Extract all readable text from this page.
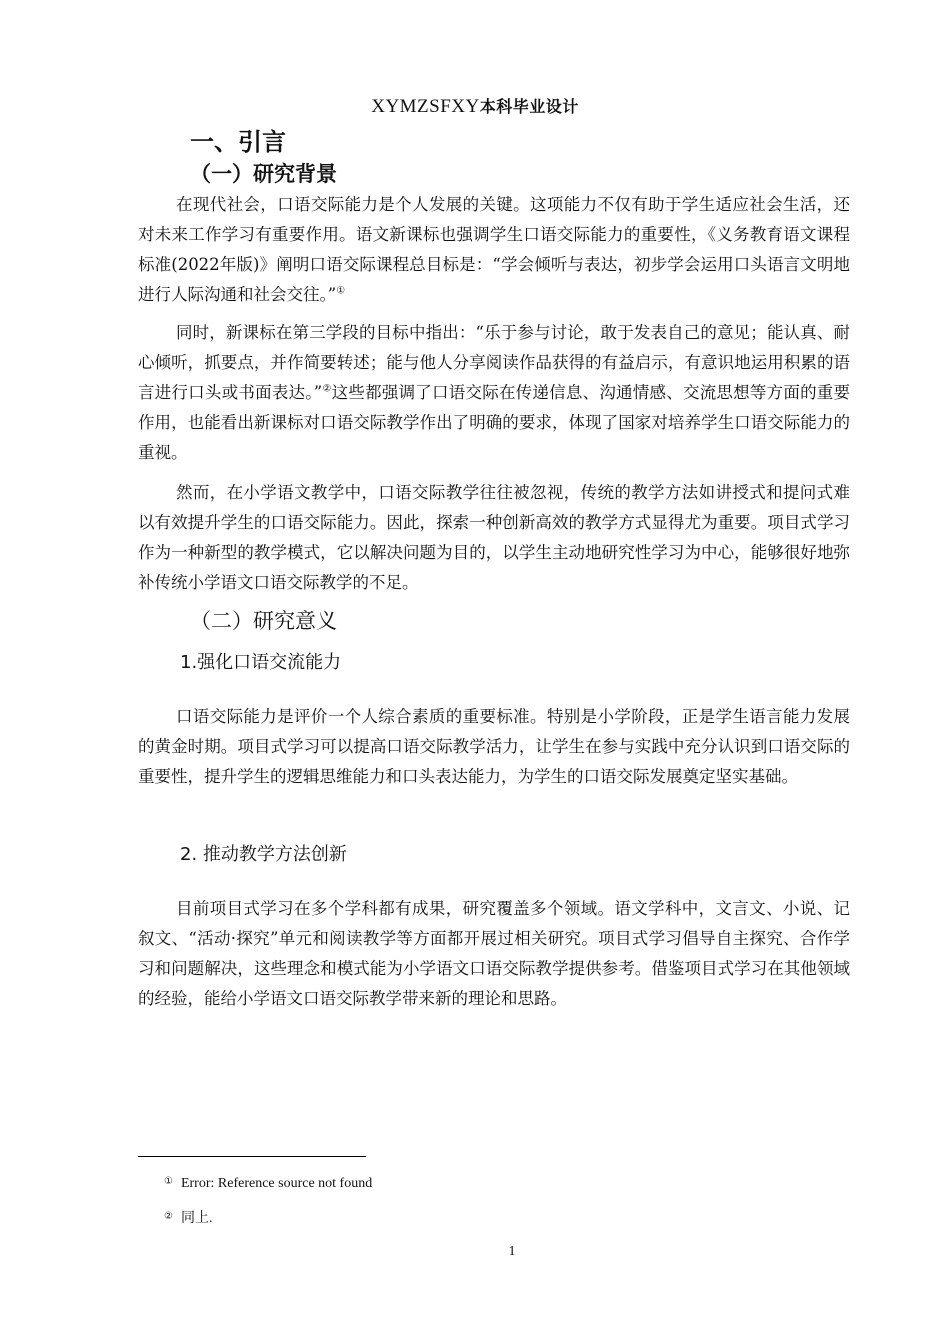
XYMZSFXY本科毕业设计
一、引言
（一）研究背景

在现代社会，口语交际能力是个人发展的关键。这项能力不仅有助于学生适应社会生活，还对未来工作学习有重要作用。语文新课标也强调学生口语交际能力的重要性，《义务教育语文课程标准(2022年版)》阐明口语交际课程总目标是：“学会倾听与表达，初步学会运用口头语言文明地进行人际沟通和社会交往。”①

同时，新课标在第三学段的目标中指出：“乐于参与讨论，敢于发表自己的意见；能认真、耐心倾听，抓要点，并作简要转述；能与他人分享阅读作品获得的有益启示，有意识地运用积累的语言进行口头或书面表达。”②这些都强调了口语交际在传递信息、沟通情感、交流思想等方面的重要作用，也能看出新课标对口语交际教学作出了明确的要求，体现了国家对培养学生口语交际能力的重视。

然而，在小学语文教学中，口语交际教学往往被忽视，传统的教学方法如讲授式和提问式难以有效提升学生的口语交际能力。因此，探索一种创新高效的教学方式显得尤为重要。项目式学习作为一种新型的教学模式，它以解决问题为目的，以学生主动地研究性学习为中心，能够很好地弥补传统小学语文口语交际教学的不足。

（二）研究意义
1.强化口语交流能力

口语交际能力是评价一个人综合素质的重要标准。特别是小学阶段，正是学生语言能力发展的黄金时期。项目式学习可以提高口语交际教学活力，让学生在参与实践中充分认识到口语交际的重要性，提升学生的逻辑思维能力和口头表达能力，为学生的口语交际发展奠定坚实基础。

2. 推动教学方法创新

目前项目式学习在多个学科都有成果，研究覆盖多个领域。语文学科中，文言文、小说、记叙文、“活动·探究”单元和阅读教学等方面都开展过相关研究。项目式学习倡导自主探究、合作学习和问题解决，这些理念和模式能为小学语文口语交际教学提供参考。借鉴项目式学习在其他领域的经验，能给小学语文口语交际教学带来新的理论和思路。

① Error: Reference source not found
② 同上.
1
